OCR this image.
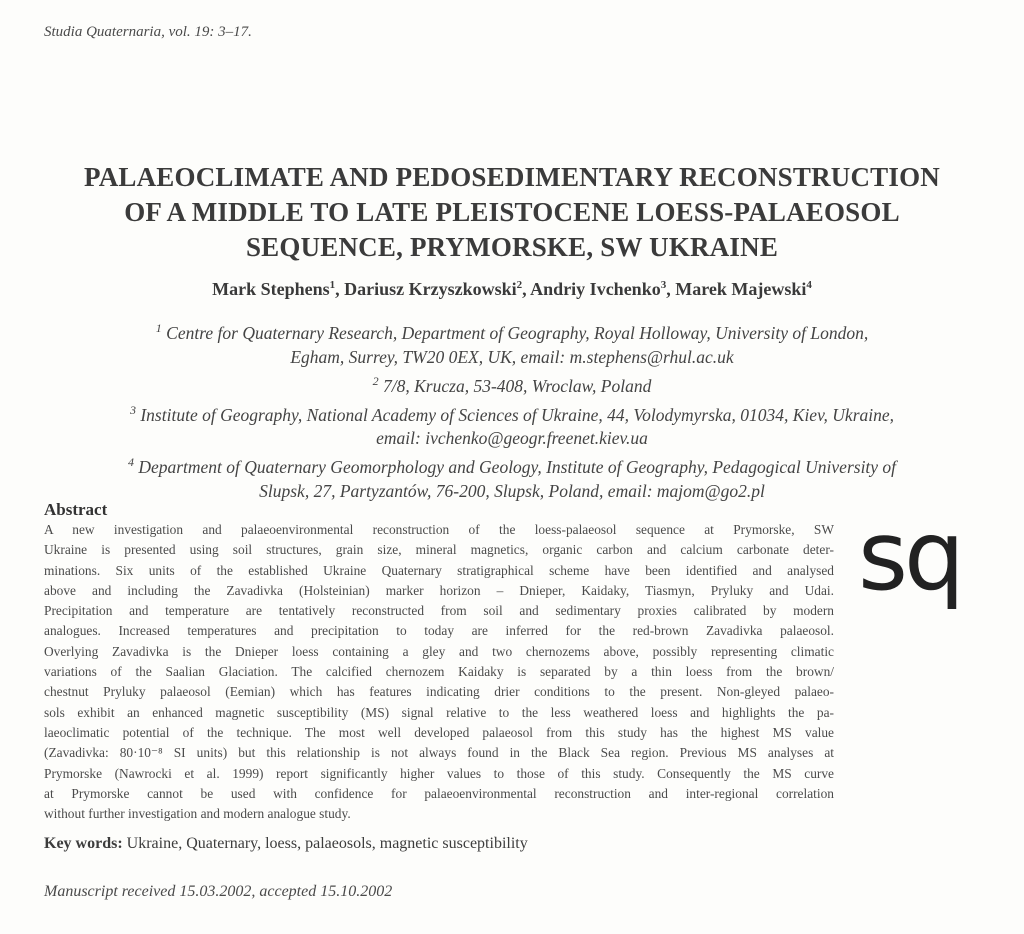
Studia Quaternaria, vol. 19: 3–17.
PALAEOCLIMATE AND PEDOSEDIMENTARY RECONSTRUCTION
OF A MIDDLE TO LATE PLEISTOCENE LOESS-PALAEOSOL
SEQUENCE, PRYMORSKE, SW UKRAINE
Mark Stephens$^1$, Dariusz Krzyszkowski$^2$, Andriy Ivchenko$^3$, Marek Majewski$^4$
$^1$ Centre for Quaternary Research, Department of Geography, Royal Holloway, University of London,
Egham, Surrey, TW20 0EX, UK, email: m.stephens@rhul.ac.uk
$^2$ 7/8, Krucza, 53-408, Wroclaw, Poland
$^3$ Institute of Geography, National Academy of Sciences of Ukraine, 44, Volodymyrska, 01034, Kiev, Ukraine,
email: ivchenko@geogr.freenet.kiev.ua
$^4$ Department of Quaternary Geomorphology and Geology, Institute of Geography, Pedagogical University of
Slupsk, 27, Partyzantów, 76-200, Slupsk, Poland, email: majom@go2.pl
Abstract
A new investigation and palaeoenvironmental reconstruction of the loess-palaeosol sequence at Prymorske, SW
Ukraine is presented using soil structures, grain size, mineral magnetics, organic carbon and calcium carbonate deter-
minations. Six units of the established Ukraine Quaternary stratigraphical scheme have been identified and analysed
above and including the Zavadivka (Holsteinian) marker horizon – Dnieper, Kaidaky, Tiasmyn, Pryluky and Udai.
Precipitation and temperature are tentatively reconstructed from soil and sedimentary proxies calibrated by modern
analogues. Increased temperatures and precipitation to today are inferred for the red-brown Zavadivka palaeosol.
Overlying Zavadivka is the Dnieper loess containing a gley and two chernozems above, possibly representing climatic
variations of the Saalian Glaciation. The calcified chernozem Kaidaky is separated by a thin loess from the brown/
chestnut Pryluky palaeosol (Eemian) which has features indicating drier conditions to the present. Non-gleyed palaeo-
sols exhibit an enhanced magnetic susceptibility (MS) signal relative to the less weathered loess and highlights the pa-
laeoclimatic potential of the technique. The most well developed palaeosol from this study has the highest MS value
(Zavadivka: 80·10⁻⁸ SI units) but this relationship is not always found in the Black Sea region. Previous MS analyses at
Prymorske (Nawrocki et al. 1999) report significantly higher values to those of this study. Consequently the MS curve
at Prymorske cannot be used with confidence for palaeoenvironmental reconstruction and inter-regional correlation
without further investigation and modern analogue study.
Key words: Ukraine, Quaternary, loess, palaeosols, magnetic susceptibility
Manuscript received 15.03.2002, accepted 15.10.2002
sq
